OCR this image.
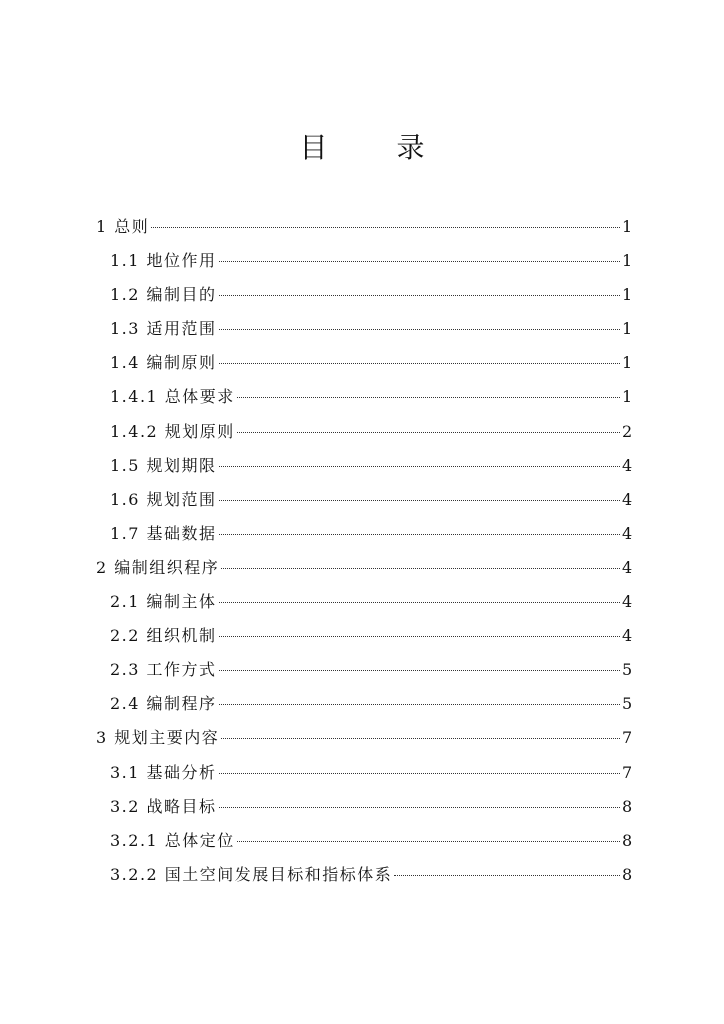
目 录
1 总则	1
1.1 地位作用	1
1.2 编制目的	1
1.3 适用范围	1
1.4 编制原则	1
1.4.1 总体要求	1
1.4.2 规划原则	2
1.5 规划期限	4
1.6 规划范围	4
1.7 基础数据	4
2 编制组织程序	4
2.1 编制主体	4
2.2 组织机制	4
2.3 工作方式	5
2.4 编制程序	5
3 规划主要内容	7
3.1 基础分析	7
3.2 战略目标	8
3.2.1 总体定位	8
3.2.2 国土空间发展目标和指标体系	8
